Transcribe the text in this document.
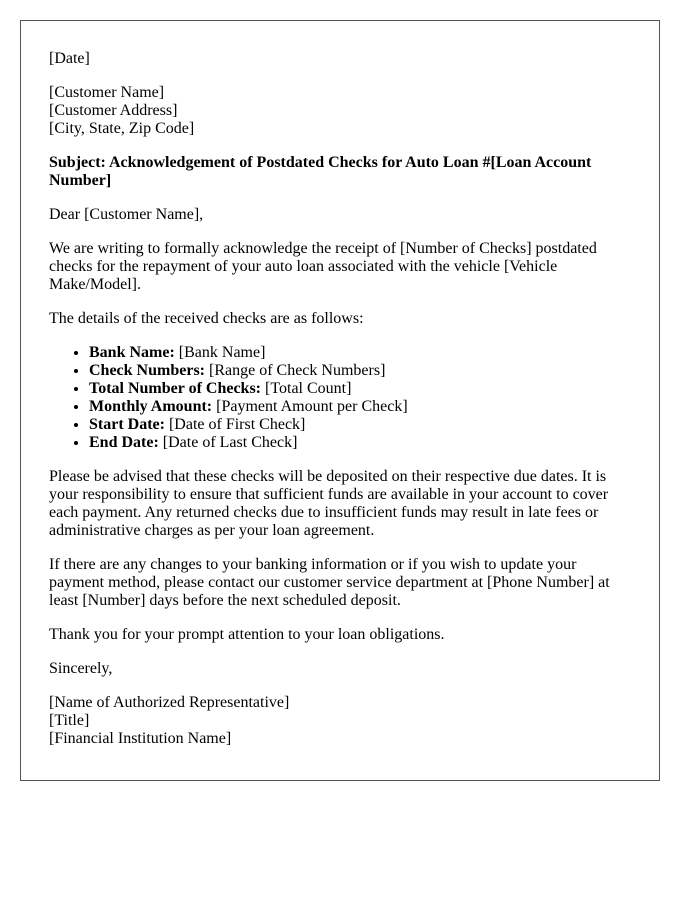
[Date]

[Customer Name]
[Customer Address]
[City, State, Zip Code]

Subject: Acknowledgement of Postdated Checks for Auto Loan #[Loan Account Number]

Dear [Customer Name],

We are writing to formally acknowledge the receipt of [Number of Checks] postdated checks for the repayment of your auto loan associated with the vehicle [Vehicle Make/Model].

The details of the received checks are as follows:

• Bank Name: [Bank Name]
• Check Numbers: [Range of Check Numbers]
• Total Number of Checks: [Total Count]
• Monthly Amount: [Payment Amount per Check]
• Start Date: [Date of First Check]
• End Date: [Date of Last Check]

Please be advised that these checks will be deposited on their respective due dates. It is your responsibility to ensure that sufficient funds are available in your account to cover each payment. Any returned checks due to insufficient funds may result in late fees or administrative charges as per your loan agreement.

If there are any changes to your banking information or if you wish to update your payment method, please contact our customer service department at [Phone Number] at least [Number] days before the next scheduled deposit.

Thank you for your prompt attention to your loan obligations.

Sincerely,

[Name of Authorized Representative]
[Title]
[Financial Institution Name]
